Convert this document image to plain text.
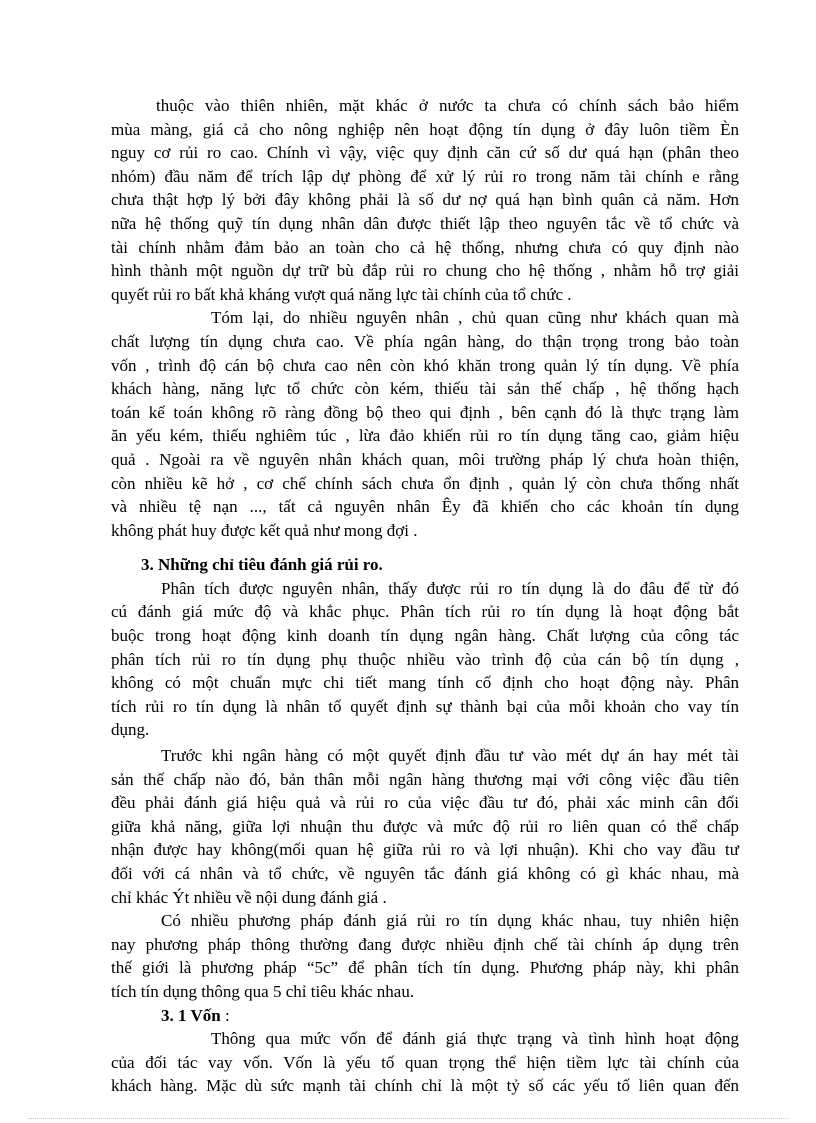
thuộc vào thiên nhiên, mặt khác ở nước ta chưa có chính sách bảo hiểm
mùa màng, giá cả cho nông nghiệp nên hoạt động tín dụng ở đây luôn tiềm Èn
nguy cơ rủi ro cao. Chính vì vậy, việc quy định căn cứ số dư quá hạn (phân theo
nhóm) đầu năm để trích lập dự phòng để xử lý rủi ro trong năm tài chính e rằng
chưa thật hợp lý bởi đây không phải là số dư nợ quá hạn bình quân cả năm. Hơn
nữa hệ thống quỹ tín dụng nhân dân được thiết lập theo nguyên tắc về tổ chức và
tài chính nhằm đảm bảo an toàn cho cả hệ thống, nhưng chưa có quy định nào
hình thành một nguồn dự trữ bù đắp rủi ro chung cho hệ thống , nhằm hỗ trợ giải
quyết rủi ro bất khả kháng vượt quá năng lực tài chính của tổ chức .
Tóm lại, do nhiều nguyên nhân , chủ quan cũng như khách quan mà
chất lượng tín dụng chưa cao. Về phía ngân hàng, do thận trọng trong bảo toàn
vốn , trình độ cán bộ chưa cao nên còn khó khăn trong quản lý tín dụng. Về phía
khách hàng, năng lực tổ chức còn kém, thiếu tài sản thế chấp , hệ thống hạch
toán kế toán không rõ ràng đồng bộ theo qui định , bên cạnh đó là thực trạng làm
ăn yếu kém, thiếu nghiêm túc , lừa đảo khiến rủi ro tín dụng tăng cao, giảm hiệu
quả . Ngoài ra về nguyên nhân khách quan, môi trường pháp lý chưa hoàn thiện,
còn nhiều kẽ hở , cơ chế chính sách chưa ổn định , quản lý còn chưa thống nhất
và nhiều tệ nạn ..., tất cả nguyên nhân Êy đã khiến cho các khoản tín dụng
không phát huy được kết quả như mong đợi .
3. Những chỉ tiêu đánh giá rủi ro.
Phân tích được nguyên nhân, thấy được rủi ro tín dụng là do đâu để từ đó
cú đánh giá mức độ và khắc phục. Phân tích rủi ro tín dụng là hoạt động bắt
buộc trong hoạt động kinh doanh tín dụng ngân hàng. Chất lượng của công tác
phân tích rủi ro tín dụng phụ thuộc nhiều vào trình độ của cán bộ tín dụng ,
không có một chuẩn mực chi tiết mang tính cố định cho hoạt động này. Phân
tích rủi ro tín dụng là nhân tố quyết định sự thành bại của mỗi khoản cho vay tín
dụng.
Trước khi ngân hàng có một quyết định đầu tư vào mét dự án hay mét tài
sản thế chấp nào đó, bản thân mỗi ngân hàng thương mại với công việc đầu tiên
đều phải đánh giá hiệu quả và rủi ro của việc đầu tư đó, phải xác minh cân đối
giữa khả năng, giữa lợi nhuận thu được và mức độ rủi ro liên quan có thể chấp
nhận được hay không(mối quan hệ giữa rủi ro và lợi nhuận). Khi cho vay đầu tư
đối với cá nhân và tổ chức, về nguyên tắc đánh giá không có gì khác nhau, mà
chỉ khác Ýt nhiều về nội dung đánh giá .
Có nhiều phương pháp đánh giá rủi ro tín dụng khác nhau, tuy nhiên hiện
nay phương pháp thông thường đang được nhiều định chế tài chính áp dụng trên
thế giới là phương pháp “5c” để phân tích tín dụng. Phương pháp này, khi phân
tích tín dụng thông qua 5 chỉ tiêu khác nhau.
3. 1 Vốn :
Thông qua mức vốn để đánh giá thực trạng và tình hình hoạt động
của đối tác vay vốn. Vốn là yếu tố quan trọng thể hiện tiềm lực tài chính của
khách hàng. Mặc dù sức mạnh tài chính chỉ là một tỷ số các yếu tố liên quan đến
